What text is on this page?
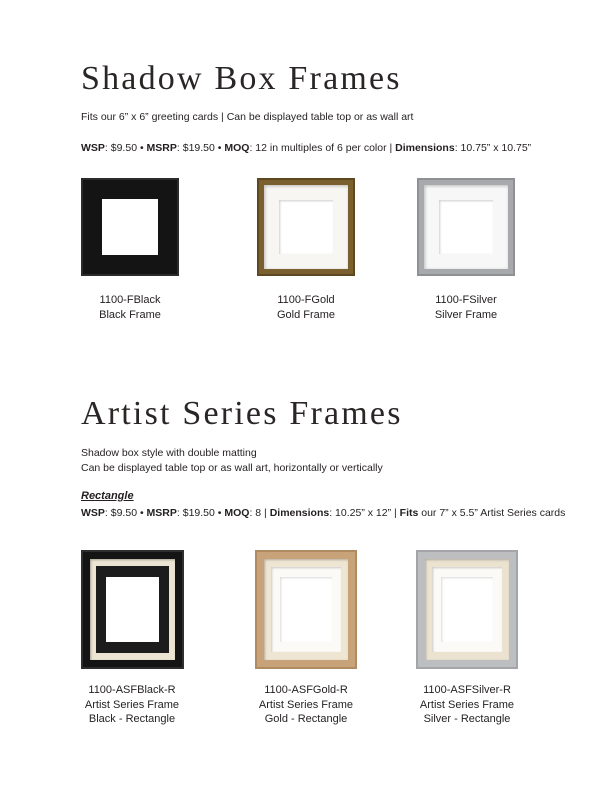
Shadow Box Frames
Fits our 6” x 6” greeting cards | Can be displayed table top or as wall art
WSP: $9.50 • MSRP: $19.50 • MOQ: 12 in multiples of 6 per color | Dimensions: 10.75” x 10.75”
1100-FBlack
Black Frame
1100-FGold
Gold Frame
1100-FSilver
Silver Frame
Artist Series Frames
Shadow box style with double matting
Can be displayed table top or as wall art, horizontally or vertically
Rectangle
WSP: $9.50 • MSRP: $19.50 • MOQ: 8 | Dimensions: 10.25” x 12” | Fits our 7” x 5.5” Artist Series cards
1100-ASFBlack-R
Artist Series Frame
Black - Rectangle
1100-ASFGold-R
Artist Series Frame
Gold - Rectangle
1100-ASFSilver-R
Artist Series Frame
Silver - Rectangle
